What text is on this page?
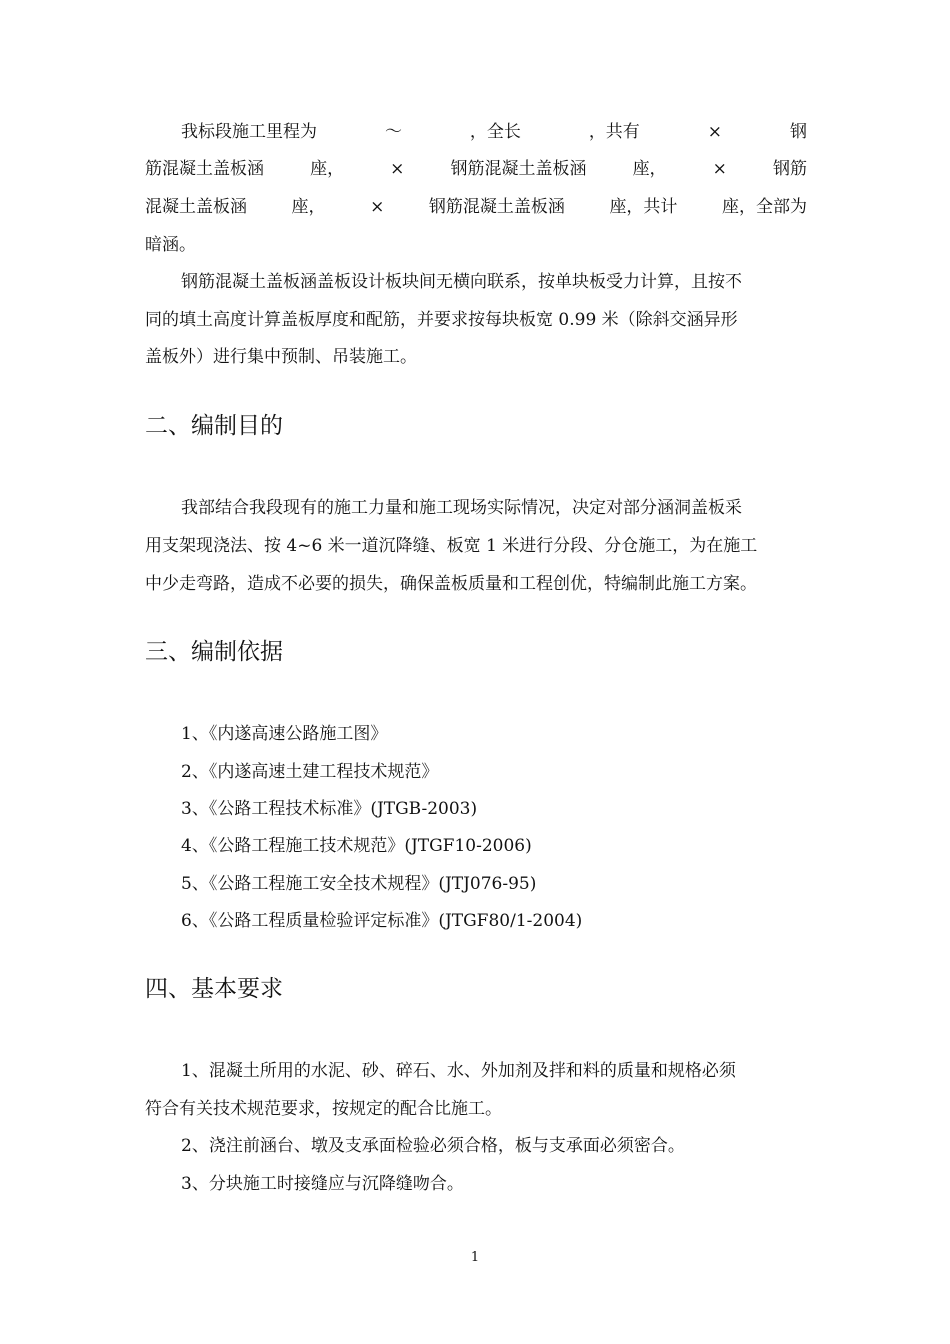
我标段施工里程为	～	，全长	，共有	×	钢
筋混凝土盖板涵	座，	×	钢筋混凝土盖板涵	座，	×	钢筋
混凝土盖板涵	座，	×	钢筋混凝土盖板涵	座，共计	座，全部为
暗涵。
钢筋混凝土盖板涵盖板设计板块间无横向联系，按单块板受力计算，且按不
同的填土高度计算盖板厚度和配筋，并要求按每块板宽 0.99 米（除斜交涵异形
盖板外）进行集中预制、吊装施工。
二、编制目的
我部结合我段现有的施工力量和施工现场实际情况，决定对部分涵洞盖板采
用支架现浇法、按 4~6 米一道沉降缝、板宽 1 米进行分段、分仓施工，为在施工
中少走弯路，造成不必要的损失，确保盖板质量和工程创优，特编制此施工方案。
三、编制依据
1、《内遂高速公路施工图》
2、《内遂高速土建工程技术规范》
3、《公路工程技术标准》(JTGB-2003)
4、《公路工程施工技术规范》(JTGF10-2006)
5、《公路工程施工安全技术规程》(JTJ076-95)
6、《公路工程质量检验评定标准》(JTGF80/1-2004)
四、基本要求
1、混凝土所用的水泥、砂、碎石、水、外加剂及拌和料的质量和规格必须
符合有关技术规范要求，按规定的配合比施工。
2、浇注前涵台、墩及支承面检验必须合格，板与支承面必须密合。
3、分块施工时接缝应与沉降缝吻合。
1
